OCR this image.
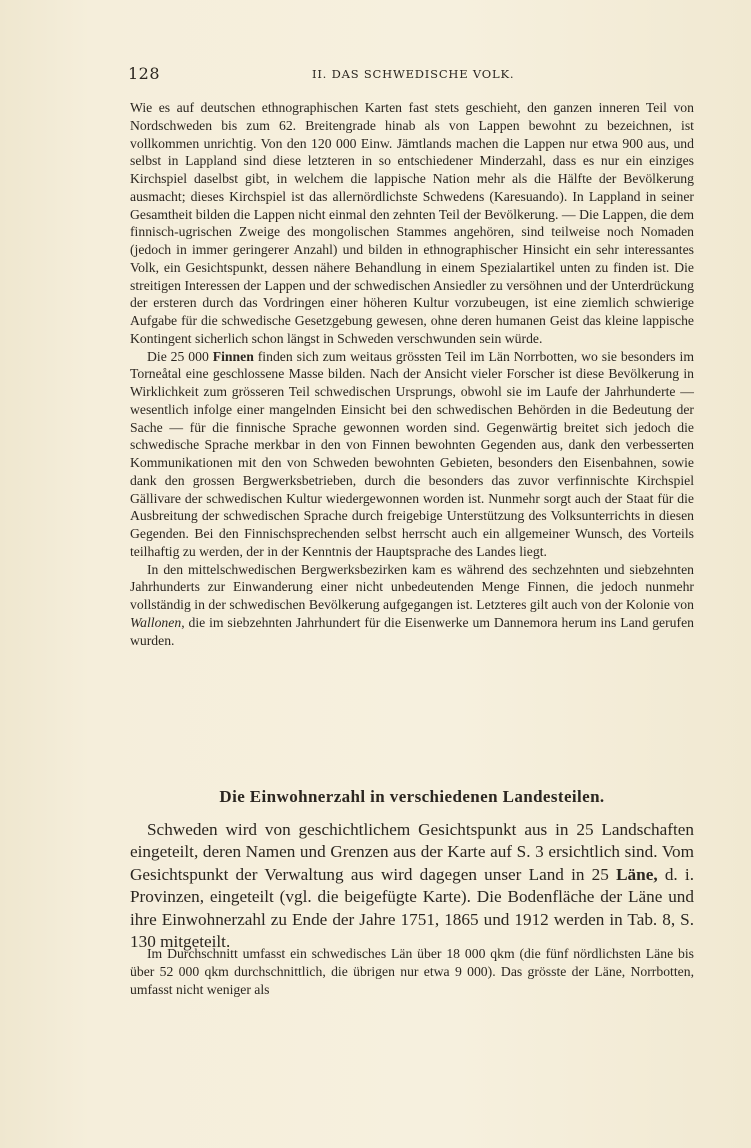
128	II. DAS SCHWEDISCHE VOLK.

Wie es auf deutschen ethnographischen Karten fast stets geschieht, den ganzen inneren Teil von Nordschweden bis zum 62. Breitengrade hinab als von Lappen bewohnt zu bezeichnen, ist vollkommen unrichtig. Von den 120 000 Einw. Jämtlands machen die Lappen nur etwa 900 aus, und selbst in Lappland sind diese letzteren in so entschiedener Minderzahl, dass es nur ein einziges Kirchspiel daselbst gibt, in welchem die lappische Nation mehr als die Hälfte der Bevölkerung ausmacht; dieses Kirchspiel ist das allernördlichste Schwedens (Karesuando). In Lappland in seiner Gesamtheit bilden die Lappen nicht einmal den zehnten Teil der Bevölkerung. — Die Lappen, die dem finnisch-ugrischen Zweige des mongolischen Stammes angehören, sind teilweise noch Nomaden (jedoch in immer geringerer Anzahl) und bilden in ethnographischer Hinsicht ein sehr interessantes Volk, ein Gesichtspunkt, dessen nähere Behandlung in einem Spezialartikel unten zu finden ist. Die streitigen Interessen der Lappen und der schwedischen Ansiedler zu versöhnen und der Unterdrückung der ersteren durch das Vordringen einer höheren Kultur vorzubeugen, ist eine ziemlich schwierige Aufgabe für die schwedische Gesetzgebung gewesen, ohne deren humanen Geist das kleine lappische Kontingent sicherlich schon längst in Schweden verschwunden sein würde.

Die 25 000 Finnen finden sich zum weitaus grössten Teil im Län Norrbotten, wo sie besonders im Torneåtal eine geschlossene Masse bilden. Nach der Ansicht vieler Forscher ist diese Bevölkerung in Wirklichkeit zum grösseren Teil schwedischen Ursprungs, obwohl sie im Laufe der Jahrhunderte — wesentlich infolge einer mangelnden Einsicht bei den schwedischen Behörden in die Bedeutung der Sache — für die finnische Sprache gewonnen worden sind. Gegenwärtig breitet sich jedoch die schwedische Sprache merkbar in den von Finnen bewohnten Gegenden aus, dank den verbesserten Kommunikationen mit den von Schweden bewohnten Gebieten, besonders den Eisenbahnen, sowie dank den grossen Bergwerksbetrieben, durch die besonders das zuvor verfinnischte Kirchspiel Gällivare der schwedischen Kultur wiedergewonnen worden ist. Nunmehr sorgt auch der Staat für die Ausbreitung der schwedischen Sprache durch freigebige Unterstützung des Volksunterrichts in diesen Gegenden. Bei den Finnischsprechenden selbst herrscht auch ein allgemeiner Wunsch, des Vorteils teilhaftig zu werden, der in der Kenntnis der Hauptsprache des Landes liegt.

In den mittelschwedischen Bergwerksbezirken kam es während des sechzehnten und siebzehnten Jahrhunderts zur Einwanderung einer nicht unbedeutenden Menge Finnen, die jedoch nunmehr vollständig in der schwedischen Bevölkerung aufgegangen ist. Letzteres gilt auch von der Kolonie von Wallonen, die im siebzehnten Jahrhundert für die Eisenwerke um Dannemora herum ins Land gerufen wurden.

Die Einwohnerzahl in verschiedenen Landesteilen.

Schweden wird von geschichtlichem Gesichtspunkt aus in 25 Landschaften eingeteilt, deren Namen und Grenzen aus der Karte auf S. 3 ersichtlich sind. Vom Gesichtspunkt der Verwaltung aus wird dagegen unser Land in 25 Läne, d. i. Provinzen, eingeteilt (vgl. die beigefügte Karte). Die Bodenfläche der Läne und ihre Einwohnerzahl zu Ende der Jahre 1751, 1865 und 1912 werden in Tab. 8, S. 130 mitgeteilt.

Im Durchschnitt umfasst ein schwedisches Län über 18 000 qkm (die fünf nördlichsten Läne bis über 52 000 qkm durchschnittlich, die übrigen nur etwa 9 000). Das grösste der Läne, Norrbotten, umfasst nicht weniger als
